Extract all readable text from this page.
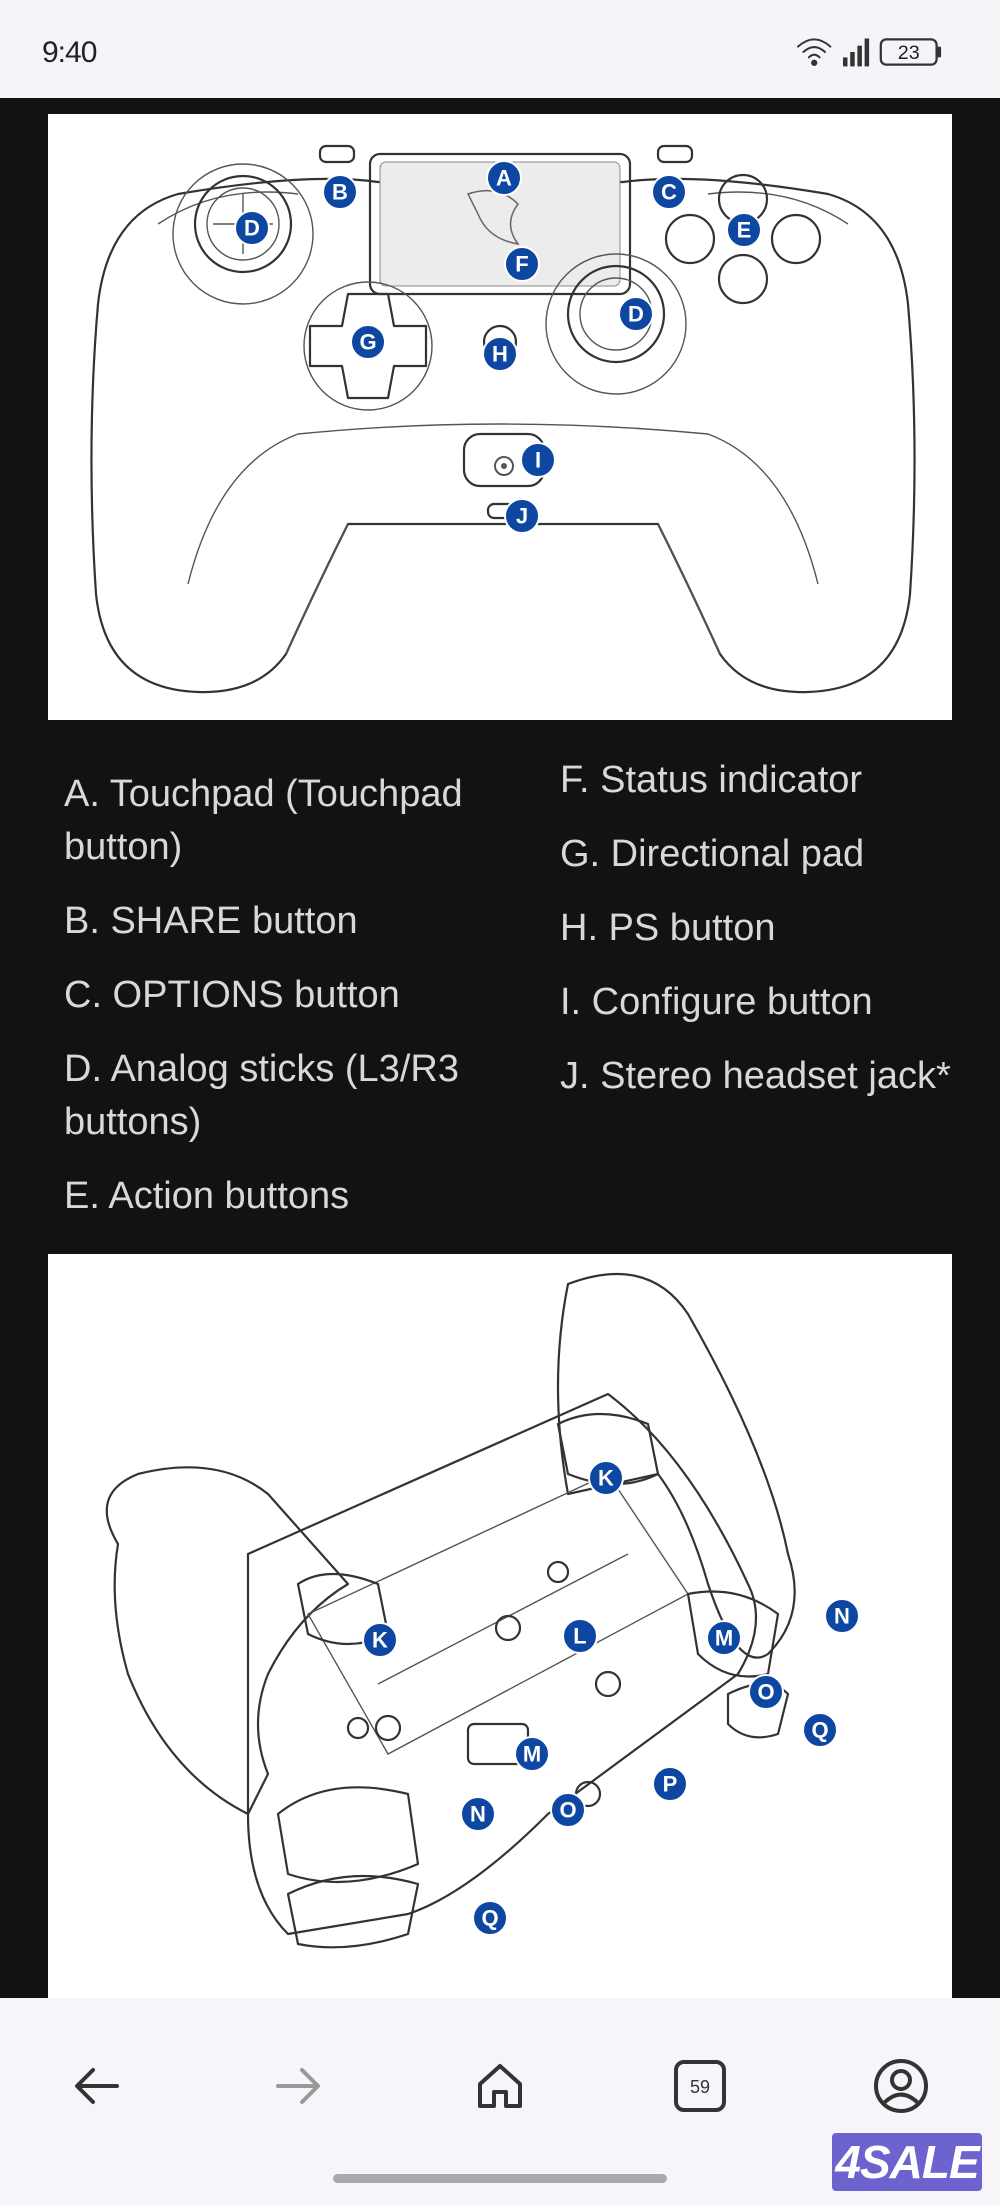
9:40	23
A
B	C
D
D
E
F
G	H
I
J
A. Touchpad (Touchpad button)
B. SHARE button
C. OPTIONS button
D. Analog sticks (L3/R3 buttons)
E. Action buttons
F. Status indicator
G. Directional pad
H. PS button
I. Configure button
J. Stereo headset jack*
K
K	L	M
M
N
N
O
O
P
Q
Q
59
4SALE
